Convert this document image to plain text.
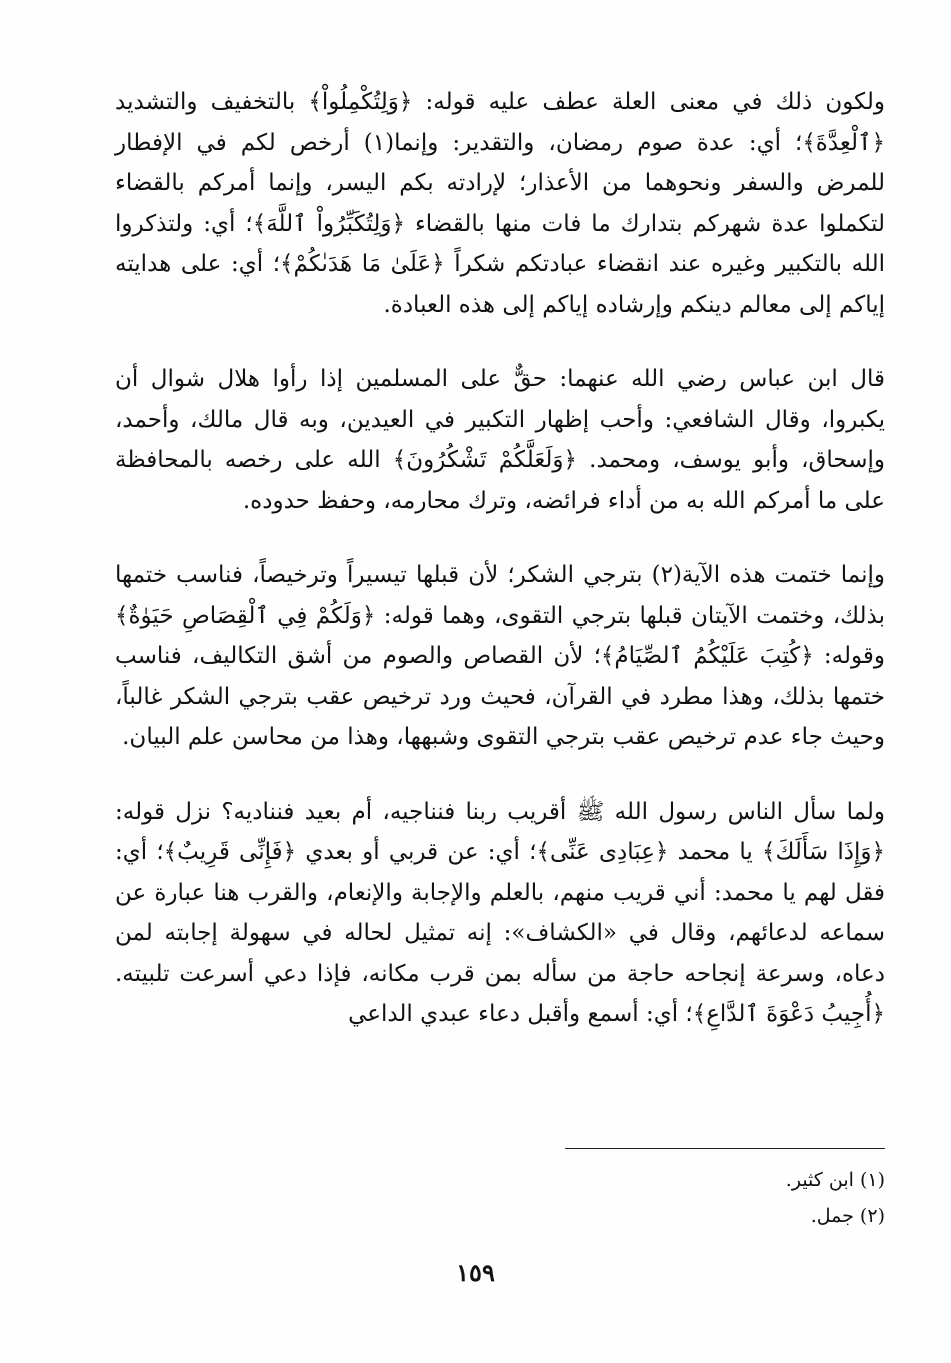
ولكون ذلك في معنى العلة عطف عليه قوله: ﴿وَلِتُكْمِلُواْ﴾ بالتخفيف والتشديد ﴿ٱلْعِدَّةَ﴾؛ أي: عدة صوم رمضان، والتقدير: وإنما(١) أرخص لكم في الإفطار للمرض والسفر ونحوهما من الأعذار؛ لإرادته بكم اليسر، وإنما أمركم بالقضاء لتكملوا عدة شهركم بتدارك ما فات منها بالقضاء ﴿وَلِتُكَبِّرُواْ ٱللَّهَ﴾؛ أي: ولتذكروا الله بالتكبير وغيره عند انقضاء عبادتكم شكراً ﴿عَلَىٰ مَا هَدَىٰكُمْ﴾؛ أي: على هدايته إياكم إلى معالم دينكم وإرشاده إياكم إلى هذه العبادة.

قال ابن عباس رضي الله عنهما: حقٌّ على المسلمين إذا رأوا هلال شوال أن يكبروا، وقال الشافعي: وأحب إظهار التكبير في العيدين، وبه قال مالك، وأحمد، وإسحاق، وأبو يوسف، ومحمد. ﴿وَلَعَلَّكُمْ تَشْكُرُونَ﴾ الله على رخصه بالمحافظة على ما أمركم الله به من أداء فرائضه، وترك محارمه، وحفظ حدوده.

وإنما ختمت هذه الآية(٢) بترجي الشكر؛ لأن قبلها تيسيراً وترخيصاً، فناسب ختمها بذلك، وختمت الآيتان قبلها بترجي التقوى، وهما قوله: ﴿وَلَكُمْ فِي ٱلْقِصَاصِ حَيَوٰةٌ﴾ وقوله: ﴿كُتِبَ عَلَيْكُمُ ٱلصِّيَامُ﴾؛ لأن القصاص والصوم من أشق التكاليف، فناسب ختمها بذلك، وهذا مطرد في القرآن، فحيث ورد ترخيص عقب بترجي الشكر غالباً، وحيث جاء عدم ترخيص عقب بترجي التقوى وشبهها، وهذا من محاسن علم البيان.

ولما سأل الناس رسول الله ﷺ أقريب ربنا فنناجيه، أم بعيد فنناديه؟ نزل قوله: ﴿وَإِذَا سَأَلَكَ﴾ يا محمد ﴿عِبَادِى عَنِّى﴾؛ أي: عن قربي أو بعدي ﴿فَإِنِّى قَرِيبٌ﴾؛ أي: فقل لهم يا محمد: أني قريب منهم، بالعلم والإجابة والإنعام، والقرب هنا عبارة عن سماعه لدعائهم، وقال في «الكشاف»: إنه تمثيل لحاله في سهولة إجابته لمن دعاه، وسرعة إنجاحه حاجة من سأله بمن قرب مكانه، فإذا دعي أسرعت تلبيته. ﴿أُجِيبُ دَعْوَةَ ٱلدَّاعِ﴾؛ أي: أسمع وأقبل دعاء عبدي الداعي

(١) ابن كثير.
(٢) جمل.
١٥٩
